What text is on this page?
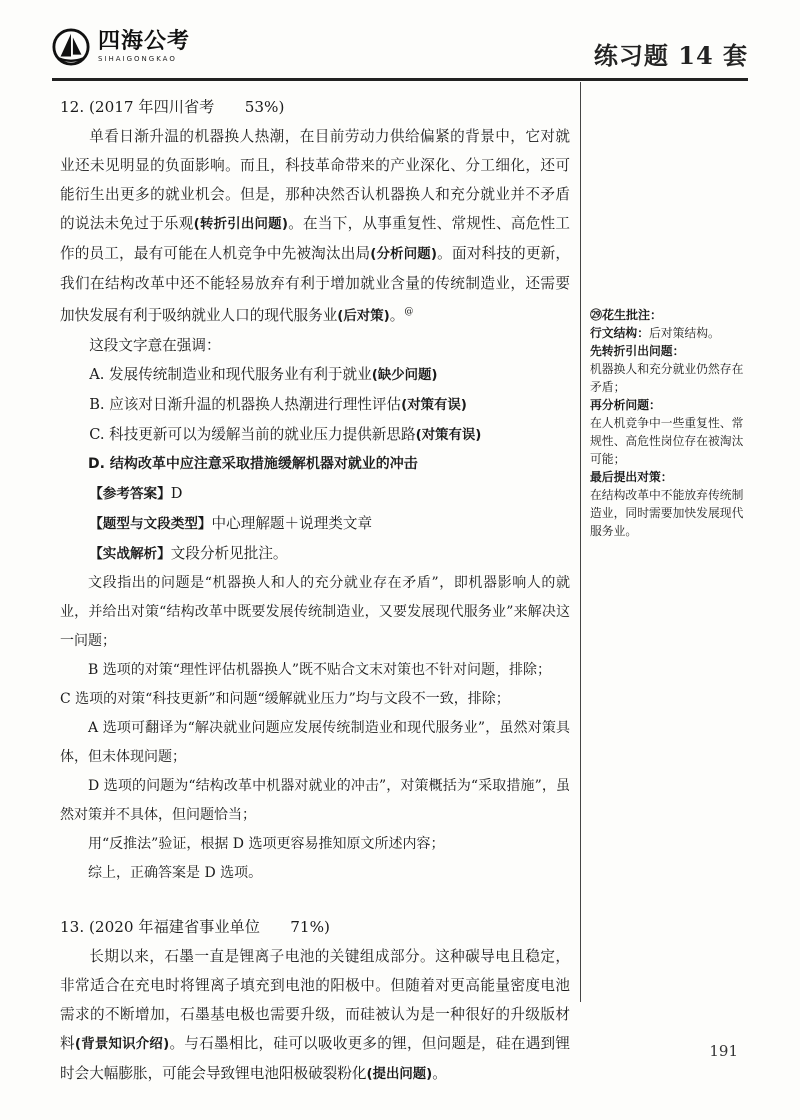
四海公考
SIHAIGONGKAO	练习题 14 套

12. (2017 年四川省考　　53%)

单看日渐升温的机器换人热潮，在目前劳动力供给偏紧的背景中，它对就业还未见明显的负面影响。而且，科技革命带来的产业深化、分工细化，还可能衍生出更多的就业机会。但是，那种决然否认机器换人和充分就业并不矛盾的说法未免过于乐观(转折引出问题)。在当下，从事重复性、常规性、高危性工作的员工，最有可能在人机竞争中先被淘汰出局(分析问题)。面对科技的更新，我们在结构改革中还不能轻易放弃有利于增加就业含量的传统制造业，还需要加快发展有利于吸纳就业人口的现代服务业(后对策)。@

这段文字意在强调：

A. 发展传统制造业和现代服务业有利于就业(缺少问题)

B. 应该对日渐升温的机器换人热潮进行理性评估(对策有误)

C. 科技更新可以为缓解当前的就业压力提供新思路(对策有误)

D. 结构改革中应注意采取措施缓解机器对就业的冲击

【参考答案】D

【题型与文段类型】中心理解题＋说理类文章

【实战解析】文段分析见批注。

文段指出的问题是“机器换人和人的充分就业存在矛盾”，即机器影响人的就业，并给出对策“结构改革中既要发展传统制造业，又要发展现代服务业”来解决这一问题；

B 选项的对策“理性评估机器换人”既不贴合文末对策也不针对问题，排除；

C 选项的对策“科技更新”和问题“缓解就业压力”均与文段不一致，排除；

A 选项可翻译为“解决就业问题应发展传统制造业和现代服务业”，虽然对策具体，但未体现问题；

D 选项的问题为“结构改革中机器对就业的冲击”，对策概括为“采取措施”，虽然对策并不具体，但问题恰当；

用“反推法”验证，根据 D 选项更容易推知原文所述内容；

综上，正确答案是 D 选项。

13. (2020 年福建省事业单位　　71%)

长期以来，石墨一直是锂离子电池的关键组成部分。这种碳导电且稳定，非常适合在充电时将锂离子填充到电池的阳极中。但随着对更高能量密度电池需求的不断增加，石墨基电极也需要升级，而硅被认为是一种很好的升级版材料(背景知识介绍)。与石墨相比，硅可以吸收更多的锂，但问题是，硅在遇到锂时会大幅膨胀，可能会导致锂电池阳极破裂粉化(提出问题)。

㉙花生批注：
行文结构：后对策结构。
先转折引出问题：
机器换人和充分就业仍然存在矛盾；
再分析问题：
在人机竞争中一些重复性、常规性、高危性岗位存在被淘汰可能；
最后提出对策：
在结构改革中不能放弃传统制造业，同时需要加快发展现代服务业。
191
